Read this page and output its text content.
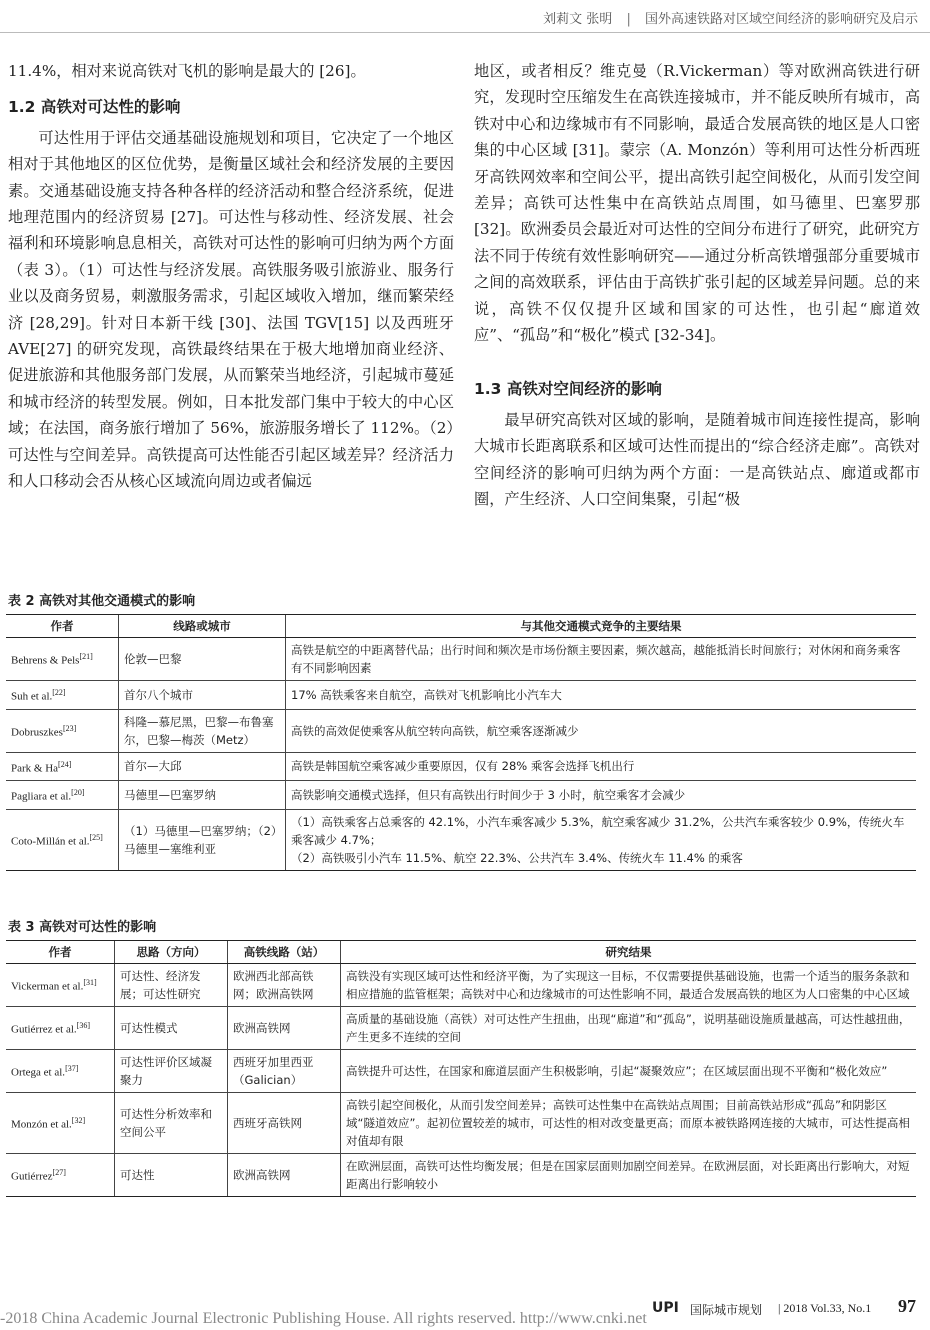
刘莉文 张明 | 国外高速铁路对区域空间经济的影响研究及启示

11.4%，相对来说高铁对飞机的影响是最大的 [26]。

1.2 高铁对可达性的影响

可达性用于评估交通基础设施规划和项目，它决定了一个地区相对于其他地区的区位优势，是衡量区域社会和经济发展的主要因素。交通基础设施支持各种各样的经济活动和整合经济系统，促进地理范围内的经济贸易 [27]。可达性与移动性、经济发展、社会福利和环境影响息息相关，高铁对可达性的影响可归纳为两个方面（表 3）。（1）可达性与经济发展。高铁服务吸引旅游业、服务行业以及商务贸易，刺激服务需求，引起区域收入增加，继而繁荣经济 [28,29]。针对日本新干线 [30]、法国 TGV[15] 以及西班牙 AVE[27] 的研究发现，高铁最终结果在于极大地增加商业经济、促进旅游和其他服务部门发展，从而繁荣当地经济，引起城市蔓延和城市经济的转型发展。例如，日本批发部门集中于较大的中心区域；在法国，商务旅行增加了 56%，旅游服务增长了 112%。（2）可达性与空间差异。高铁提高可达性能否引起区域差异？经济活力和人口移动会否从核心区域流向周边或者偏远

地区，或者相反？维克曼（R.Vickerman）等对欧洲高铁进行研究，发现时空压缩发生在高铁连接城市，并不能反映所有城市，高铁对中心和边缘城市有不同影响，最适合发展高铁的地区是人口密集的中心区域 [31]。蒙宗（A. Monzón）等利用可达性分析西班牙高铁网效率和空间公平，提出高铁引起空间极化，从而引发空间差异；高铁可达性集中在高铁站点周围，如马德里、巴塞罗那 [32]。欧洲委员会最近对可达性的空间分布进行了研究，此研究方法不同于传统有效性影响研究——通过分析高铁增强部分重要城市之间的高效联系，评估由于高铁扩张引起的区域差异问题。总的来说，高铁不仅仅提升区域和国家的可达性，也引起“廊道效应”、“孤岛”和“极化”模式 [32-34]。

1.3 高铁对空间经济的影响

最早研究高铁对区域的影响，是随着城市间连接性提高，影响大城市长距离联系和区域可达性而提出的“综合经济走廊”。高铁对空间经济的影响可归纳为两个方面：一是高铁站点、廊道或都市圈，产生经济、人口空间集聚，引起“极

表 2 高铁对其他交通模式的影响
作者	线路或城市	与其他交通模式竞争的主要结果
Behrens & Pels[21]	伦敦—巴黎	高铁是航空的中距离替代品；出行时间和频次是市场份额主要因素，频次越高，越能抵消长时间旅行；对休闲和商务乘客有不同影响因素
Suh et al.[22]	首尔八个城市	17% 高铁乘客来自航空，高铁对飞机影响比小汽车大
Dobruszkes[23]	科隆—慕尼黑，巴黎—布鲁塞尔，巴黎—梅茨（Metz）	高铁的高效促使乘客从航空转向高铁，航空乘客逐渐减少
Park & Ha[24]	首尔—大邱	高铁是韩国航空乘客减少重要原因，仅有 28% 乘客会选择飞机出行
Pagliara et al.[20]	马德里—巴塞罗纳	高铁影响交通模式选择，但只有高铁出行时间少于 3 小时，航空乘客才会减少
Coto-Millán et al.[25]	（1）马德里—巴塞罗纳；（2）马德里—塞维利亚	（1）高铁乘客占总乘客的 42.1%，小汽车乘客减少 5.3%，航空乘客减少 31.2%，公共汽车乘客较少 0.9%，传统火车乘客减少 4.7%；
（2）高铁吸引小汽车 11.5%、航空 22.3%、公共汽车 3.4%、传统火车 11.4% 的乘客
表 3 高铁对可达性的影响
作者	思路（方向）	高铁线路（站）	研究结果
Vickerman et al.[31]	可达性、经济发展；可达性研究	欧洲西北部高铁网；欧洲高铁网	高铁没有实现区域可达性和经济平衡，为了实现这一目标，不仅需要提供基础设施，也需一个适当的服务条款和相应措施的监管框架；高铁对中心和边缘城市的可达性影响不同，最适合发展高铁的地区为人口密集的中心区域
Gutiérrez et al.[36]	可达性模式	欧洲高铁网	高质量的基础设施（高铁）对可达性产生扭曲，出现“廊道”和“孤岛”，说明基础设施质量越高，可达性越扭曲，产生更多不连续的空间
Ortega et al.[37]	可达性评价区域凝聚力	西班牙加里西亚（Galician）	高铁提升可达性，在国家和廊道层面产生积极影响，引起“凝聚效应”；在区域层面出现不平衡和“极化效应”
Monzón et al.[32]	可达性分析效率和空间公平	西班牙高铁网	高铁引起空间极化，从而引发空间差异；高铁可达性集中在高铁站点周围；目前高铁站形成“孤岛”和阴影区域“隧道效应”。起初位置较差的城市，可达性的相对改变量更高；而原本被铁路网连接的大城市，可达性提高相对值却有限
Gutiérrez[27]	可达性	欧洲高铁网	在欧洲层面，高铁可达性均衡发展；但是在国家层面则加剧空间差异。在欧洲层面，对长距离出行影响大，对短距离出行影响较小
-2018 China Academic Journal Electronic Publishing House. All rights reserved. http://www.cnki.net
UPI 国际城市规划 | 2018 Vol.33, No.1 97
